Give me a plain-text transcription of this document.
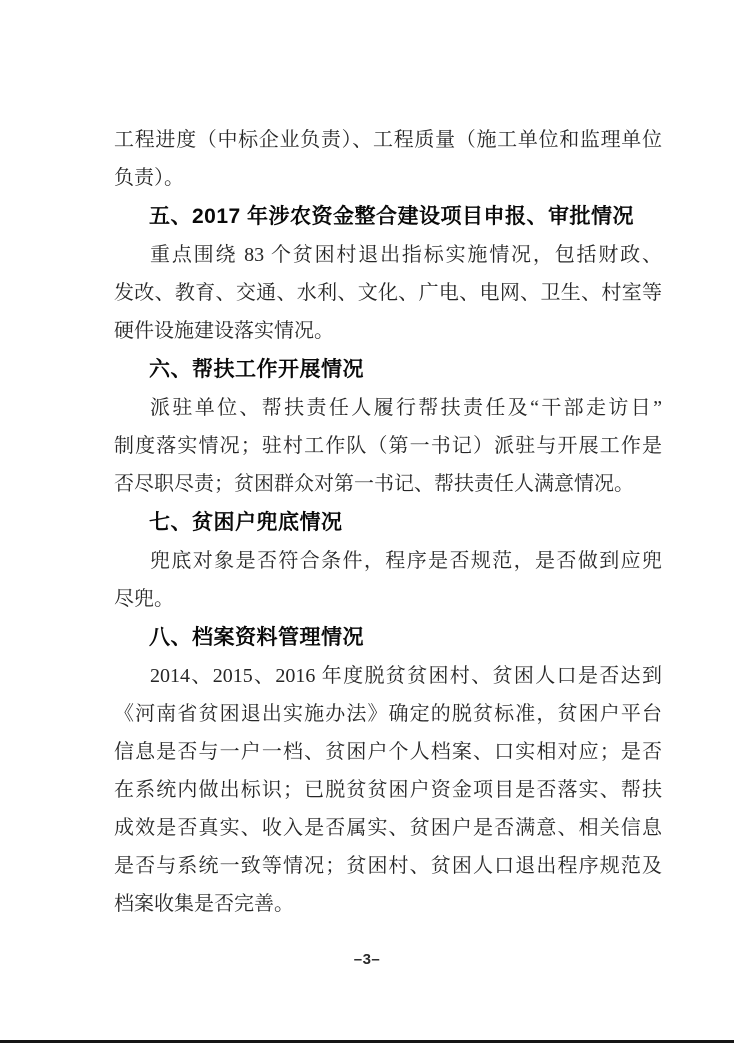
工程进度（中标企业负责）、工程质量（施工单位和监理单位
负责）。
五、2017 年涉农资金整合建设项目申报、审批情况
重点围绕 83 个贫困村退出指标实施情况，包括财政、
发改、教育、交通、水利、文化、广电、电网、卫生、村室等
硬件设施建设落实情况。
六、帮扶工作开展情况
派驻单位、帮扶责任人履行帮扶责任及“干部走访日”
制度落实情况；驻村工作队（第一书记）派驻与开展工作是
否尽职尽责；贫困群众对第一书记、帮扶责任人满意情况。
七、贫困户兜底情况
兜底对象是否符合条件，程序是否规范，是否做到应兜
尽兜。
八、档案资料管理情况
2014、2015、2016 年度脱贫贫困村、贫困人口是否达到
《河南省贫困退出实施办法》确定的脱贫标准，贫困户平台
信息是否与一户一档、贫困户个人档案、口实相对应；是否
在系统内做出标识；已脱贫贫困户资金项目是否落实、帮扶
成效是否真实、收入是否属实、贫困户是否满意、相关信息
是否与系统一致等情况；贫困村、贫困人口退出程序规范及
档案收集是否完善。
–3–
